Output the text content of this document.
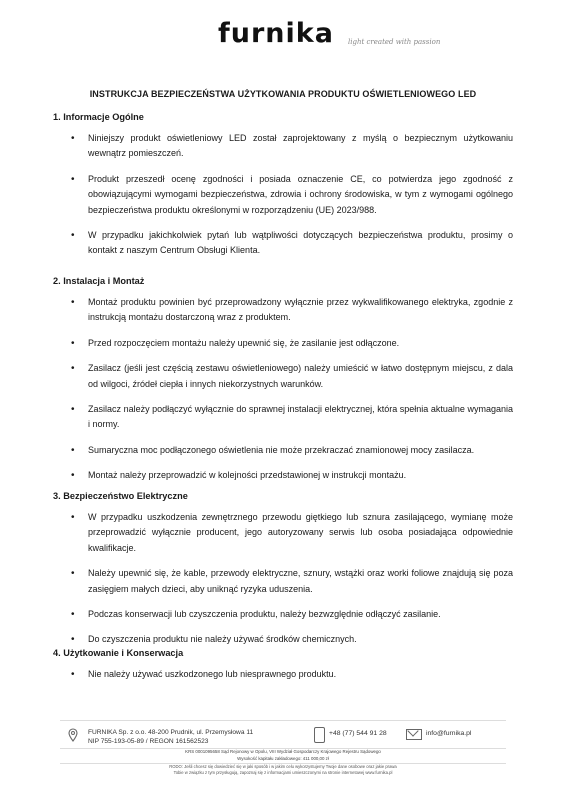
furnika light created with passion
INSTRUKCJA BEZPIECZEŃSTWA UŻYTKOWANIA PRODUKTU OŚWIETLENIOWEGO LED

1. Informacje Ogólne

• Niniejszy produkt oświetleniowy LED został zaprojektowany z myślą o bezpiecznym użytkowaniu wewnątrz pomieszczeń.
• Produkt przeszedł ocenę zgodności i posiada oznaczenie CE, co potwierdza jego zgodność z obowiązującymi wymogami bezpieczeństwa, zdrowia i ochrony środowiska, w tym z wymogami ogólnego bezpieczeństwa produktu określonymi w rozporządzeniu (UE) 2023/988.
• W przypadku jakichkolwiek pytań lub wątpliwości dotyczących bezpieczeństwa produktu, prosimy o kontakt z naszym Centrum Obsługi Klienta.

2. Instalacja i Montaż

• Montaż produktu powinien być przeprowadzony wyłącznie przez wykwalifikowanego elektryka, zgodnie z instrukcją montażu dostarczoną wraz z produktem.
• Przed rozpoczęciem montażu należy upewnić się, że zasilanie jest odłączone.
• Zasilacz (jeśli jest częścią zestawu oświetleniowego) należy umieścić w łatwo dostępnym miejscu, z dala od wilgoci, źródeł ciepła i innych niekorzystnych warunków.
• Zasilacz należy podłączyć wyłącznie do sprawnej instalacji elektrycznej, która spełnia aktualne wymagania i normy.
• Sumaryczna moc podłączonego oświetlenia nie może przekraczać znamionowej mocy zasilacza.
• Montaż należy przeprowadzić w kolejności przedstawionej w instrukcji montażu.

3. Bezpieczeństwo Elektryczne

• W przypadku uszkodzenia zewnętrznego przewodu giętkiego lub sznura zasilającego, wymianę może przeprowadzić wyłącznie producent, jego autoryzowany serwis lub osoba posiadająca odpowiednie kwalifikacje.
• Należy upewnić się, że kable, przewody elektryczne, sznury, wstążki oraz worki foliowe znajdują się poza zasięgiem małych dzieci, aby uniknąć ryzyka uduszenia.
• Podczas konserwacji lub czyszczenia produktu, należy bezwzględnie odłączyć zasilanie.
• Do czyszczenia produktu nie należy używać środków chemicznych.

4. Użytkowanie i Konserwacja

• Nie należy używać uszkodzonego lub niesprawnego produktu.
FURNIKA Sp. z o.o. 48-200 Prudnik, ul. Przemysłowa 11
NIP 755-193-05-89 / REGON 161562523
+48 (77) 544 91 28	info@furnika.pl
KRS 0001095658 Sąd Rejonowy w Opolu, VIII Wydział Gospodarczy Krajowego Rejestru Sądowego
Wysokość kapitału zakładowego: 411 000,00 zł
RODO: Jeśli chcesz się dowiedzieć się w jaki sposób i w jakim celu wykorzystujemy Twoje dane osobowe oraz jakie prawa
Tobie w związku z tym przysługują, zapoznaj się z informacjami umieszczonymi na stronie internetowej www.furnika.pl
